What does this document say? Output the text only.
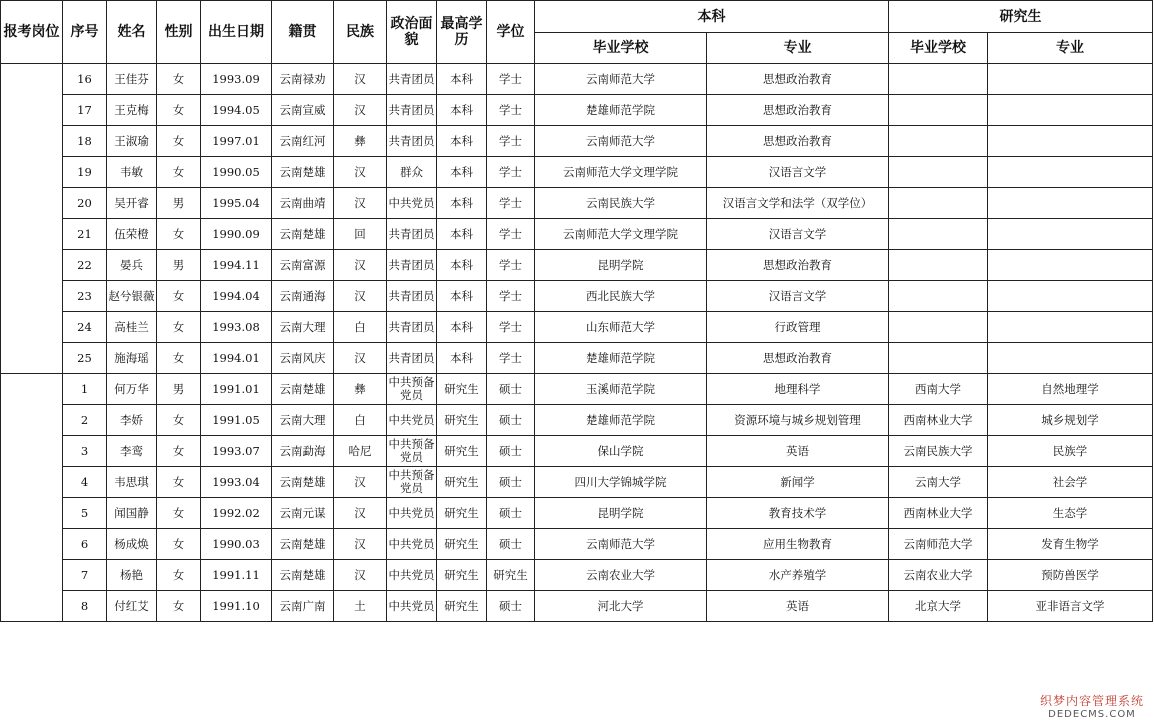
报考岗位	序号	姓名	性别	出生日期	籍贯	民族	政治面貌	最高学历	学位	本科		研究生	
										毕业学校	专业	毕业学校	专业
	16	王佳芬	女	1993.09	云南禄劝	汉	共青团员	本科	学士	云南师范大学	思想政治教育		
	17	王克梅	女	1994.05	云南宣威	汉	共青团员	本科	学士	楚雄师范学院	思想政治教育		
	18	王淑瑜	女	1997.01	云南红河	彝	共青团员	本科	学士	云南师范大学	思想政治教育		
	19	韦敏	女	1990.05	云南楚雄	汉	群众	本科	学士	云南师范大学文理学院	汉语言文学		
	20	吴开睿	男	1995.04	云南曲靖	汉	中共党员	本科	学士	云南民族大学	汉语言文学和法学（双学位）		
	21	伍荣橙	女	1990.09	云南楚雄	回	共青团员	本科	学士	云南师范大学文理学院	汉语言文学		
	22	晏兵	男	1994.11	云南富源	汉	共青团员	本科	学士	昆明学院	思想政治教育		
	23	赵兮银薇	女	1994.04	云南通海	汉	共青团员	本科	学士	西北民族大学	汉语言文学		
	24	高桂兰	女	1993.08	云南大理	白	共青团员	本科	学士	山东师范大学	行政管理		
	25	施海瑶	女	1994.01	云南风庆	汉	共青团员	本科	学士	楚雄师范学院	思想政治教育		
	1	何万华	男	1991.01	云南楚雄	彝	中共预备党员	研究生	硕士	玉溪师范学院	地理科学	西南大学	自然地理学
	2	李娇	女	1991.05	云南大理	白	中共党员	研究生	硕士	楚雄师范学院	资源环境与城乡规划管理	西南林业大学	城乡规划学
	3	李鸾	女	1993.07	云南勐海	哈尼	中共预备党员	研究生	硕士	保山学院	英语	云南民族大学	民族学
	4	韦思琪	女	1993.04	云南楚雄	汉	中共预备党员	研究生	硕士	四川大学锦城学院	新闻学	云南大学	社会学
	5	闻国静	女	1992.02	云南元谋	汉	中共党员	研究生	硕士	昆明学院	教育技术学	西南林业大学	生态学
	6	杨成焕	女	1990.03	云南楚雄	汉	中共党员	研究生	硕士	云南师范大学	应用生物教育	云南师范大学	发育生物学
	7	杨艳	女	1991.11	云南楚雄	汉	中共党员	研究生	研究生	云南农业大学	水产养殖学	云南农业大学	预防兽医学
	8	付红艾	女	1991.10	云南广南	土	中共党员	研究生	硕士	河北大学	英语	北京大学	亚非语言文学
织梦内容管理系统
DEDECMS.COM
